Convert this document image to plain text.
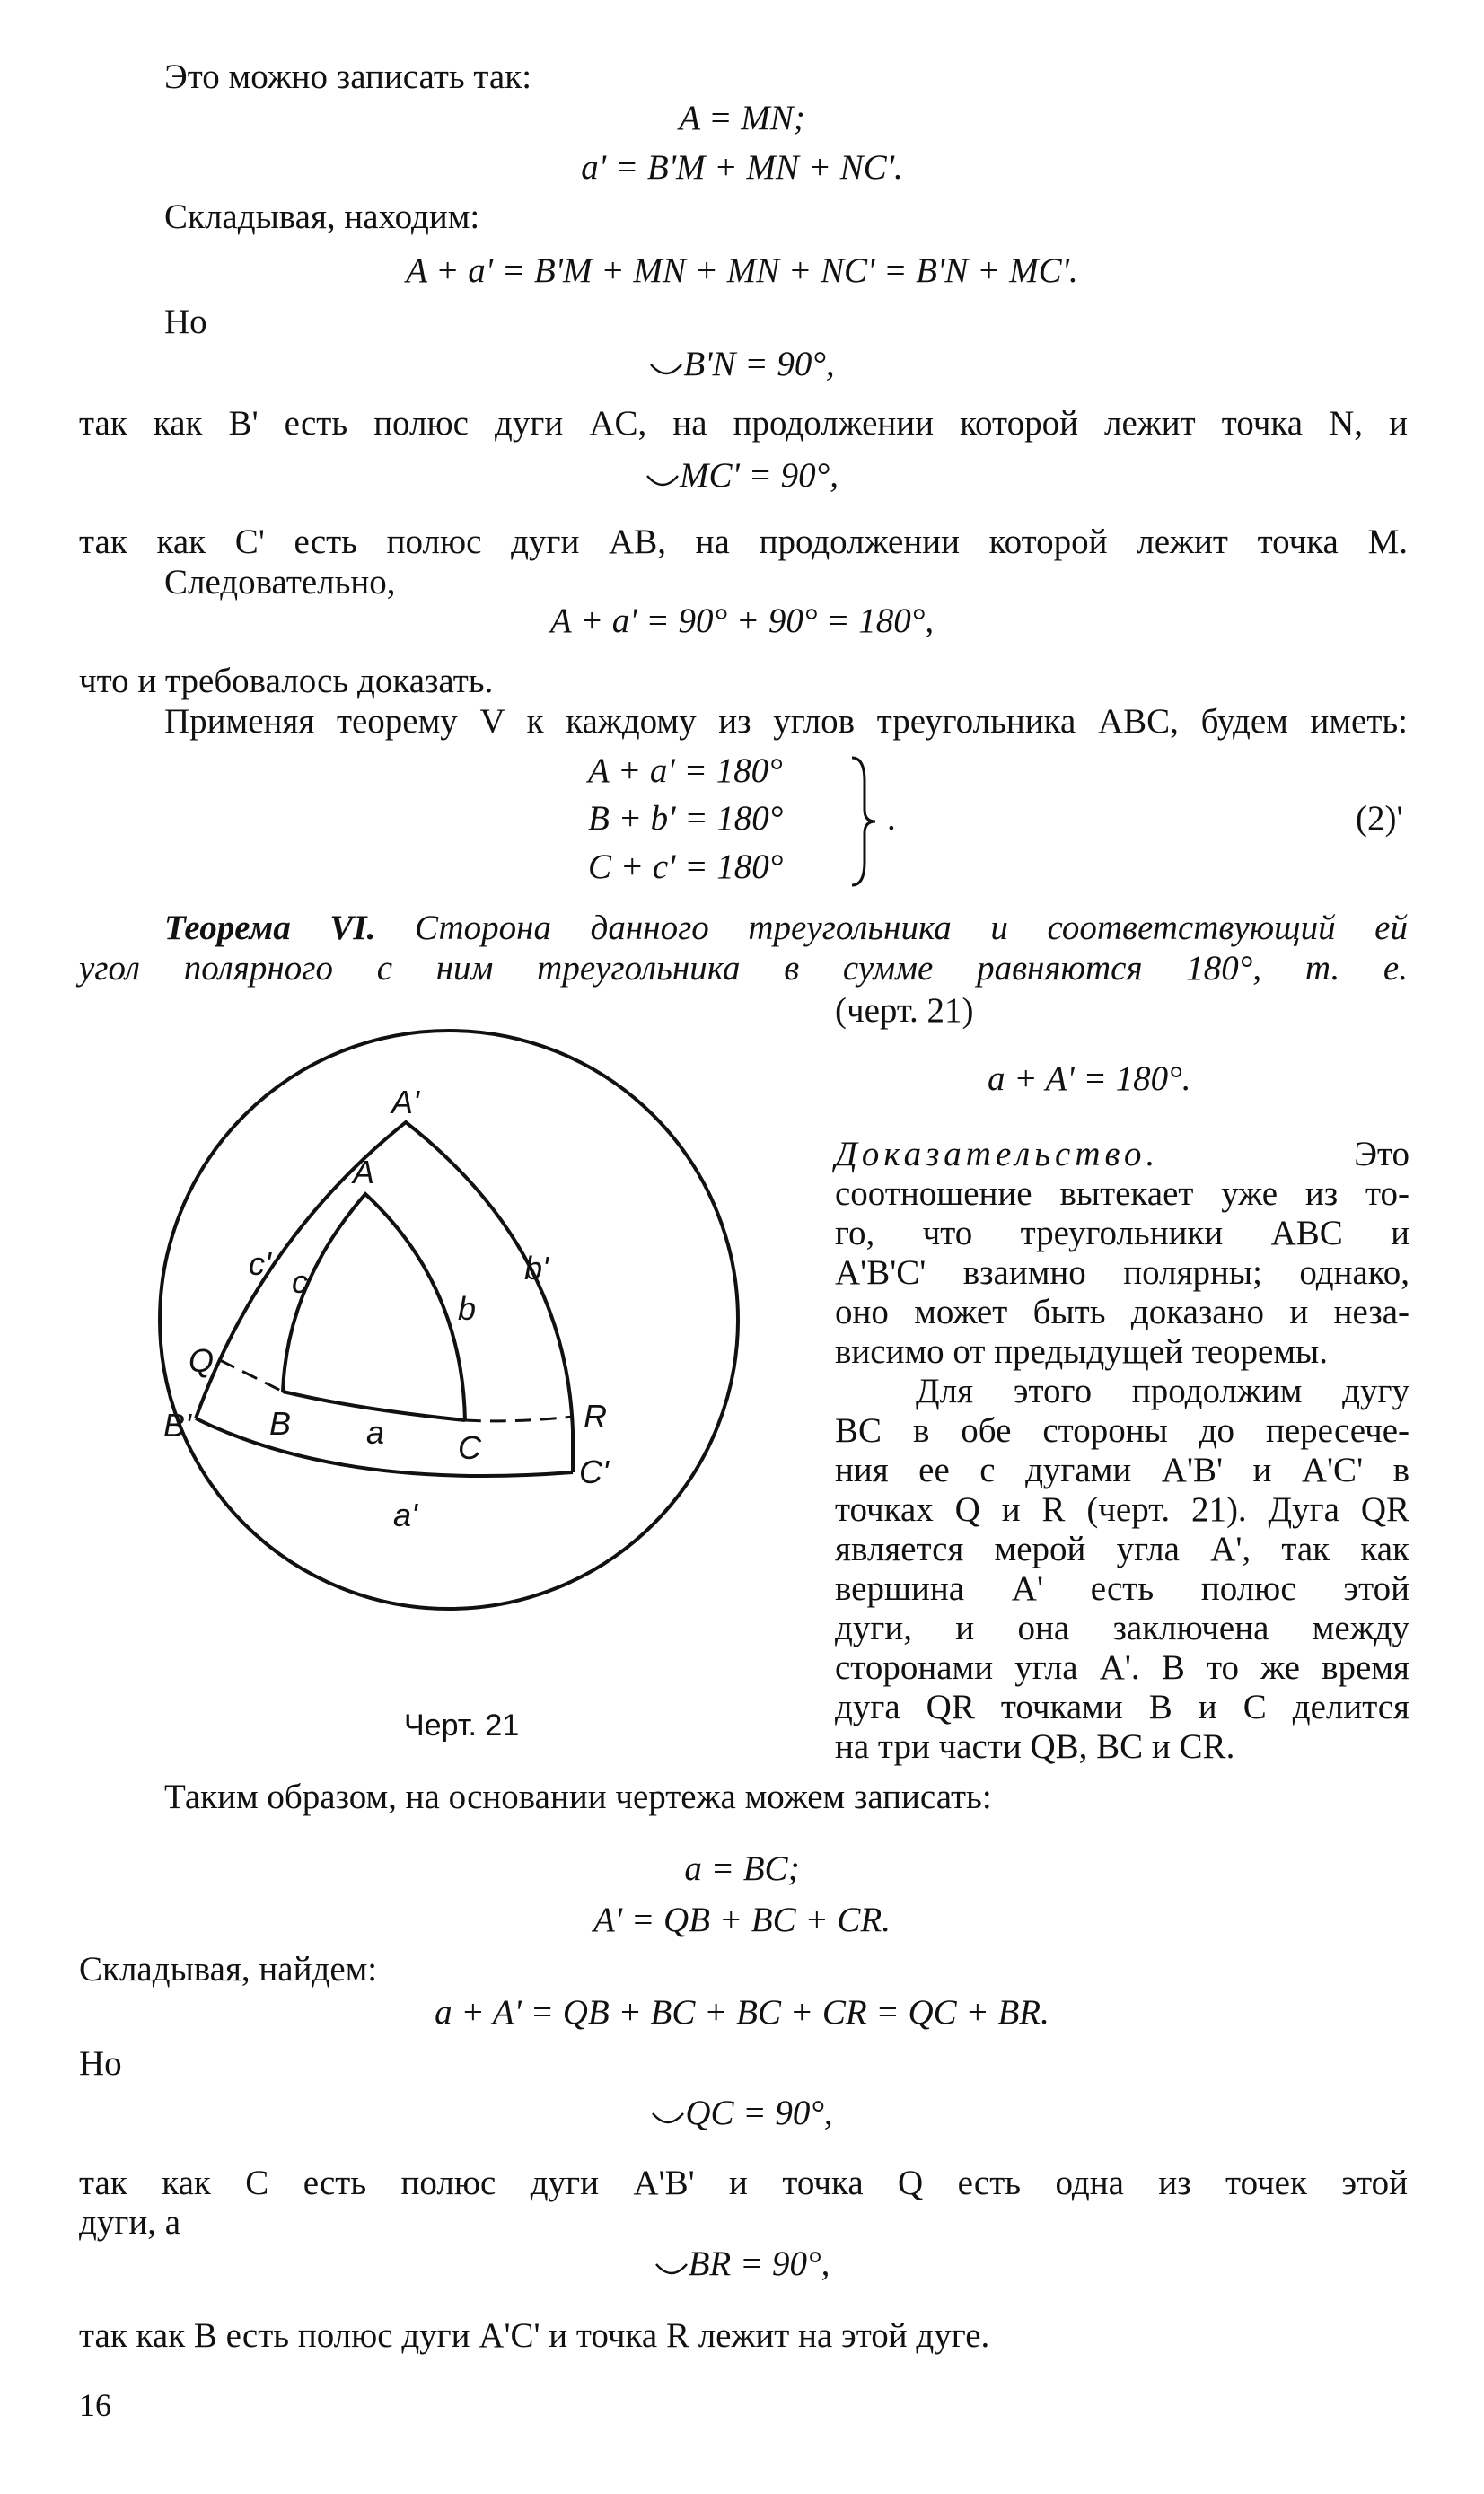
Это можно записать так:
A = MN;
a' = B'M + MN + NC'.
Складывая, находим:
A + a' = B'M + MN + MN + NC' = B'N + MC'.
Но
B'N = 90°,
так как B' есть полюс дуги AC, на продолжении которой лежит точка N, и
MC' = 90°,
так как C' есть полюс дуги AB, на продолжении которой лежит точка M.
Следовательно,
A + a' = 90° + 90° = 180°,
что и требовалось доказать.
Применяя теорему V к каждому из углов треугольника ABC, будем иметь:
A + a' = 180°
B + b' = 180°
C + c' = 180°
.	(2)'
Теорема VI. Сторона данного треугольника и соответствующий ей
угол полярного с ним треугольника в сумме равняются 180°, т. е.
(черт. 21)
a + A' = 180°.
Доказательство.	Это
соотношение вытекает уже из то-
го, что треугольники ABC и
A'B'C' взаимно полярны; однако,
оно может быть доказано и неза-
висимо от предыдущей теоремы.
Для этого продолжим дугу
BC в обе стороны до пересече-
ния ее с дугами A'B' и A'C' в
точках Q и R (черт. 21). Дуга QR
является мерой угла A', так как
вершина A' есть полюс этой
дуги, и она заключена между
сторонами угла A'. В то же время
дуга QR точками B и C делится
на три части QB, BC и CR.
A'
A
c'	b'
c
b
Q
B' B a C
R
C'
a'
Черт. 21
Таким образом, на основании чертежа можем записать:
a = BC;
A' = QB + BC + CR.
Складывая, найдем:
a + A' = QB + BC + BC + CR = QC + BR.
Но
QC = 90°,
так как C есть полюс дуги A'B' и точка Q есть одна из точек этой
дуги, а
BR = 90°,
так как B есть полюс дуги A'C' и точка R лежит на этой дуге.
16
